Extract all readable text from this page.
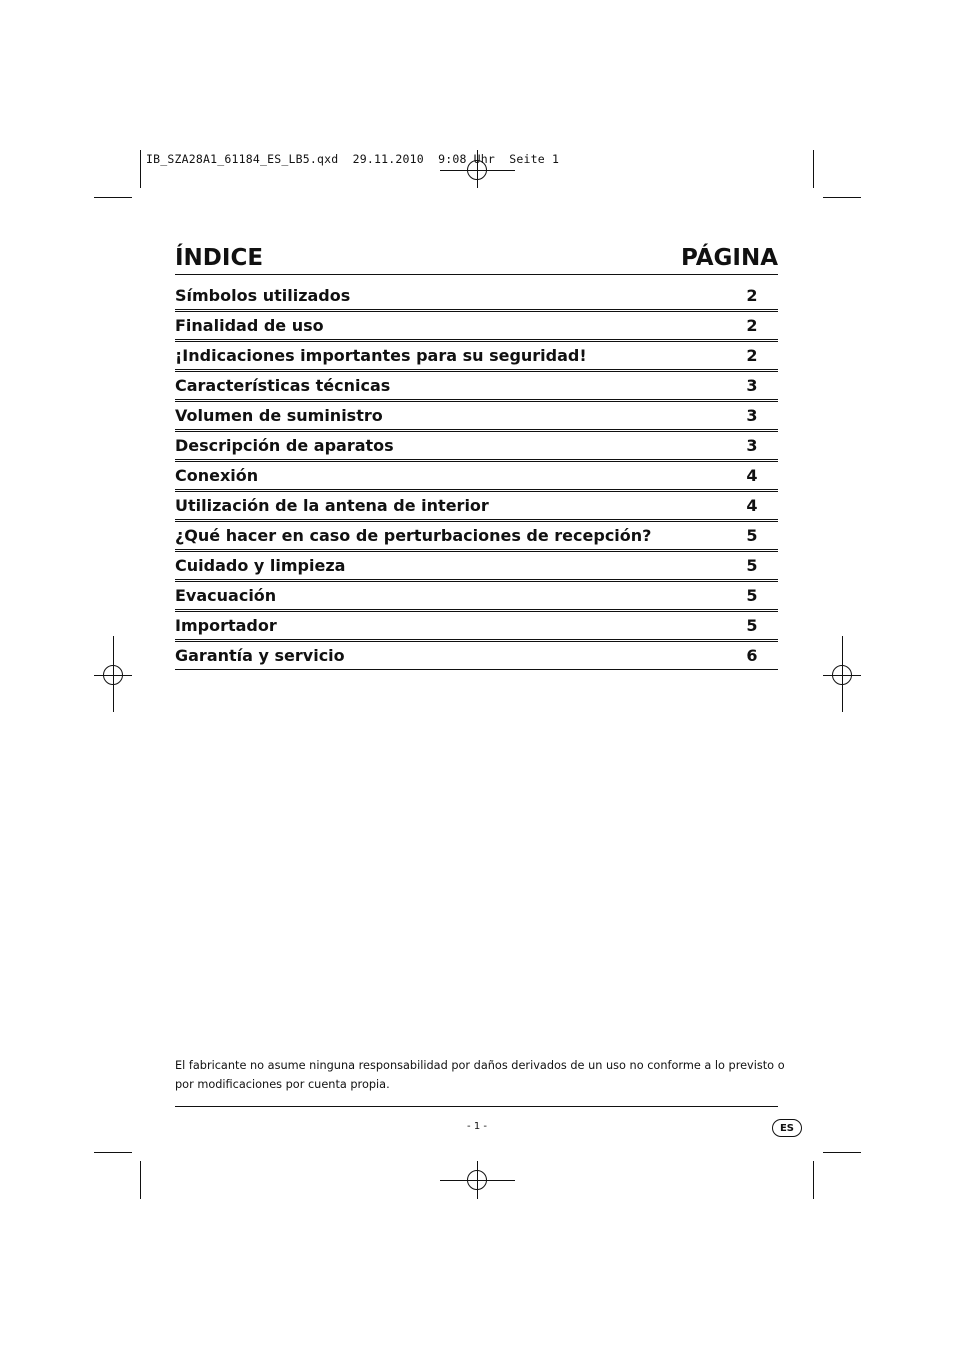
IB_SZA28A1_61184_ES_LB5.qxd  29.11.2010  9:08 Uhr  Seite 1
ÍNDICE	PÁGINA
Símbolos utilizados	2
Finalidad de uso	2
¡Indicaciones importantes para su seguridad!	2
Características técnicas	3
Volumen de suministro	3
Descripción de aparatos	3
Conexión	4
Utilización de la antena de interior	4
¿Qué hacer en caso de perturbaciones de recepción?	5
Cuidado y limpieza	5
Evacuación	5
Importador	5
Garantía y servicio	6
El fabricante no asume ninguna responsabilidad por daños derivados de un uso no conforme a lo previsto o por modificaciones por cuenta propia.
- 1 -	ES
